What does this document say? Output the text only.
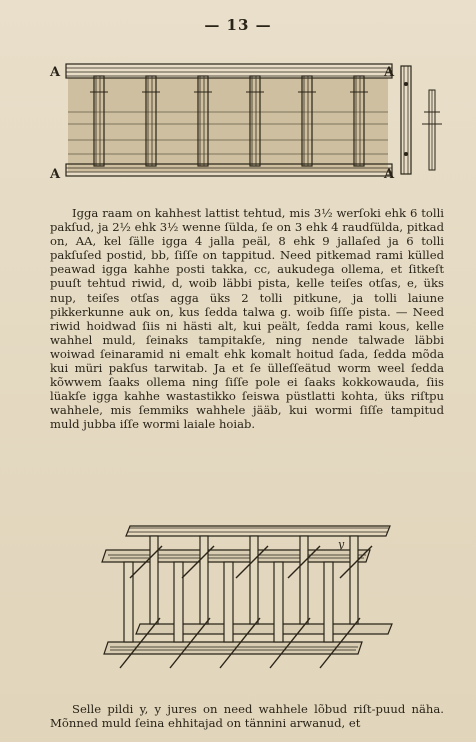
— 13 —
A	A
A	A

Igga raam on kahhest lattist tehtud, mis 3½ werſoki ehk 6 tolli pakſud, ja 2½ ehk 3½ wenne ſülda, ſe on 3 ehk 4 raudſülda, pitkad on, AA, kel ſälle igga 4 jalla peäl, 8 ehk 9 jallaſed ja 6 tolli pakſuſed postid, bb, ſiſſe on tappitud. Need pitkemad rami külled peawad igga kahhe posti takka, cc, aukudega ollema, et ſitkeſt puuſt tehtud riwid, d, woib läbbi pista, kelle teiſes otſas, e, üks nup, teiſes otſas agga üks 2 tolli pitkune, ja tolli laiune pikkerkunne auk on, kus ſedda talwa g. woib ſiſſe pista. — Need riwid hoidwad ſiis ni hästi alt, kui peält, ſedda rami kous, kelle wahhel muld, ſeinaks tampitakſe, ning nende talwade läbbi woiwad ſeinaramid ni emalt ehk komalt hoitud ſada, ſedda mõda kui müri pakſus tarwitab. Ja et ſe ülleſſeätud worm weel ſedda kõwwem ſaaks ollema ning ſiſſe pole ei ſaaks kokkowauda, ſiis lüakſe igga kahhe wastastikko ſeiswa püstlatti kohta, üks riſtpu wahhele, mis ſemmiks wahhele jääb, kui wormi ſiſſe tampitud muld jubba iſſe wormi laiale hoiab.

y

Selle pildi y, y jures on need wahhele lõbud riſt-puud näha. Mõnned muld ſeina ehhitajad on tännini arwanud, et
